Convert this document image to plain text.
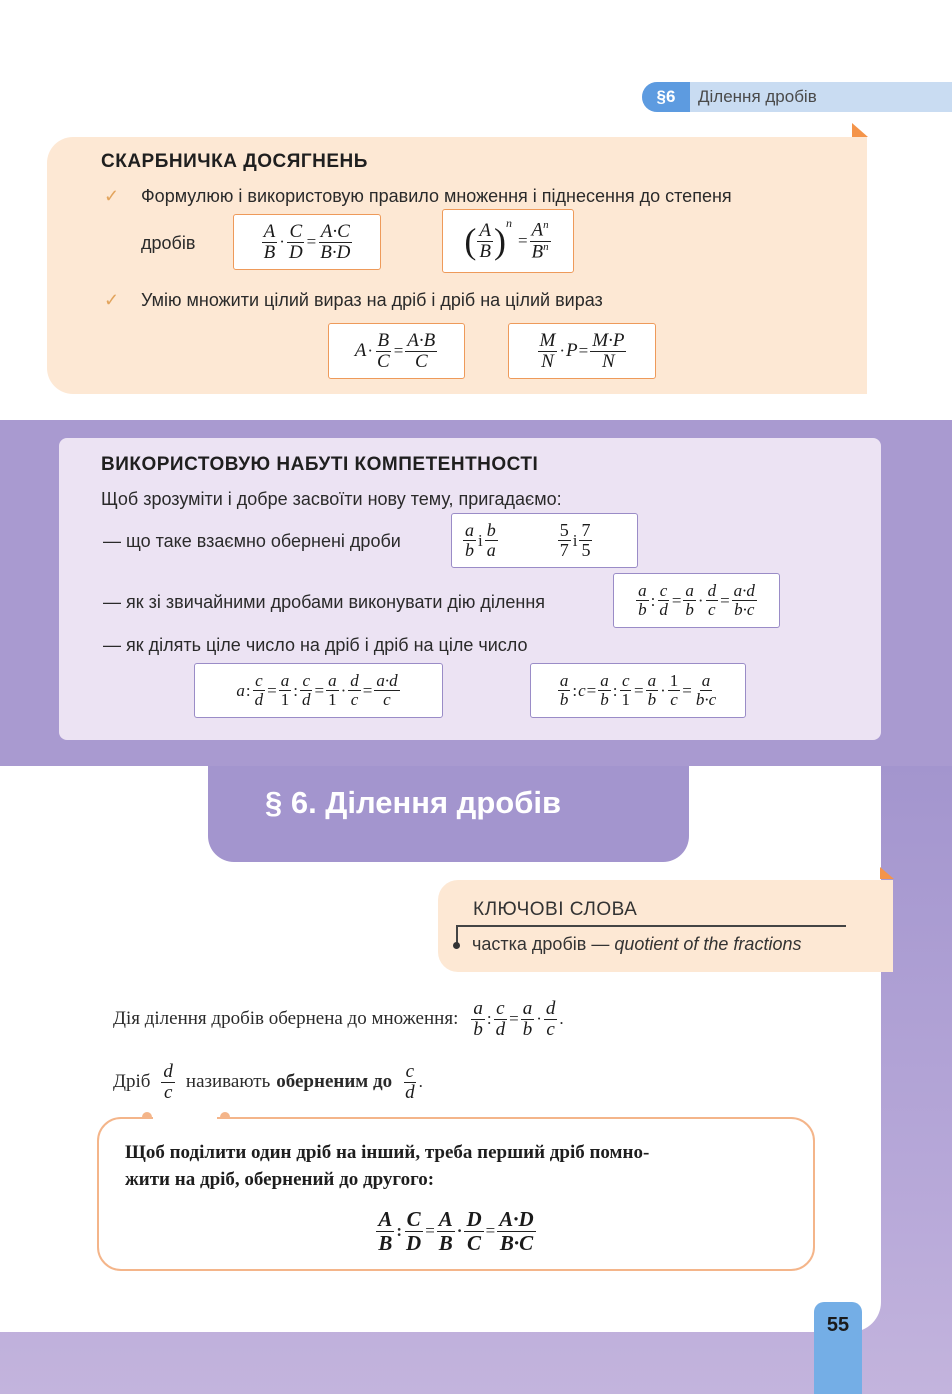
§6	Ділення дробів
СКАРБНИЧКА ДОСЯГНЕНЬ
✓ Формулюю і використовую правило множення і піднесення до степеня
дробів	$\frac{A}{B} \cdot \frac{C}{D} = \frac{A\cdot C}{B\cdot D}$	( $\frac{A}{B}$ ) n
= $\frac{A^n}{B^n}$
✓ Умію множити цілий вираз на дріб і дріб на цілий вираз
$A \cdot \frac{B}{C} = \frac{A\cdot B}{C}$	$\frac{M}{N} \cdot P = \frac{M\cdot P}{N}$
ВИКОРИСТОВУЮ НАБУТІ КОМПЕТЕНТНОСТІ
Щоб зрозуміти і добре засвоїти нову тему, пригадаємо:
— що таке взаємно обернені дроби	$\frac{a}{b}$ і $\frac{b}{a}$	$\frac{5}{7}$ і $\frac{7}{5}$
— як зі звичайними дробами виконувати дію ділення	$\frac{a}{b}$ : $\frac{c}{d} = \frac{a}{b} \cdot \frac{d}{c} = \frac{a\cdot d}{b\cdot c}$
— як ділять ціле число на дріб і дріб на ціле число
a : $\frac{c}{d} = \frac{a}{1}$ : $\frac{c}{d} = \frac{a}{1} \cdot \frac{d}{c} = \frac{a\cdot d}{c}$	$\frac{a}{b}$ : $c = \frac{a}{b}$ : $\frac{c}{1} = \frac{a}{b} \cdot \frac{1}{c} = \frac{a}{b\cdot c}$
§ 6. Ділення дробів
КЛЮЧОВІ СЛОВА
частка дробів — quotient of the fractions
Дія ділення дробів обернена до множення: $\frac{a}{b}$ : $\frac{c}{d} = \frac{a}{b} \cdot \frac{d}{c}$ .
Дріб $\frac{d}{c}$ називають оберненим до $\frac{c}{d}$ .
Щоб поділити один дріб на інший, треба перший дріб помно-
жити на дріб, обернений до другого:
$\frac{A}{B}$ : $\frac{C}{D} = \frac{A}{B} \cdot \frac{D}{C} = \frac{A\cdot D}{B\cdot C}$
55
